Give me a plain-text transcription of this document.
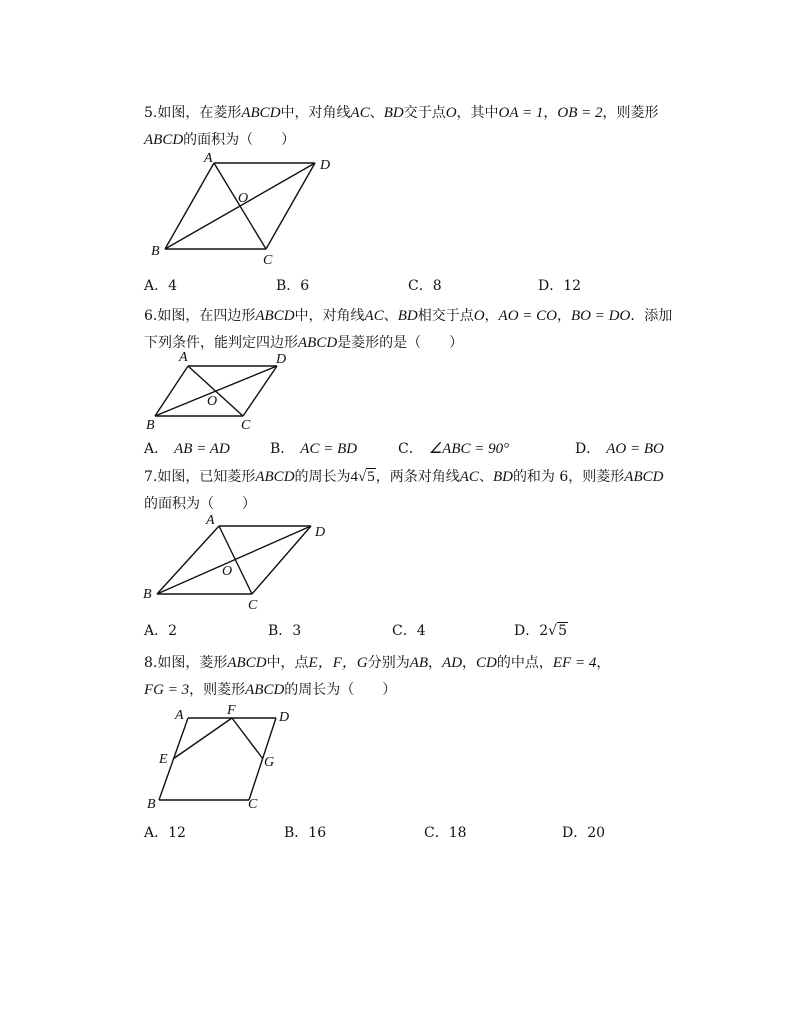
5.如图，在菱形ABCD中，对角线AC、BD交于点O，其中OA = 1，OB = 2，则菱形
ABCD的面积为（　　）
A	D
B
C
O
A．4	B．6	C．8	D．12
6.如图，在四边形ABCD中，对角线AC、BD相交于点O，AO = CO，BO = DO．添加
下列条件，能判定四边形ABCD是菱形的是（　　）
A	D
B	C
O
A． AB = AD	B． AC = BD	C． ∠ABC = 90°	D． AO = BO
7.如图，已知菱形ABCD的周长为4√5，两条对角线AC、BD的和为 6，则菱形ABCD
的面积为（　　）
A
D
B
C
O
A．2	B．3	C．4	D．2√5
8.如图，菱形ABCD中，点E，F，G分别为AB，AD，CD的中点，EF = 4，
FG = 3，则菱形ABCD的周长为（　　）
A	F	D
E	G
B	C
A．12	B．16	C．18	D．20
